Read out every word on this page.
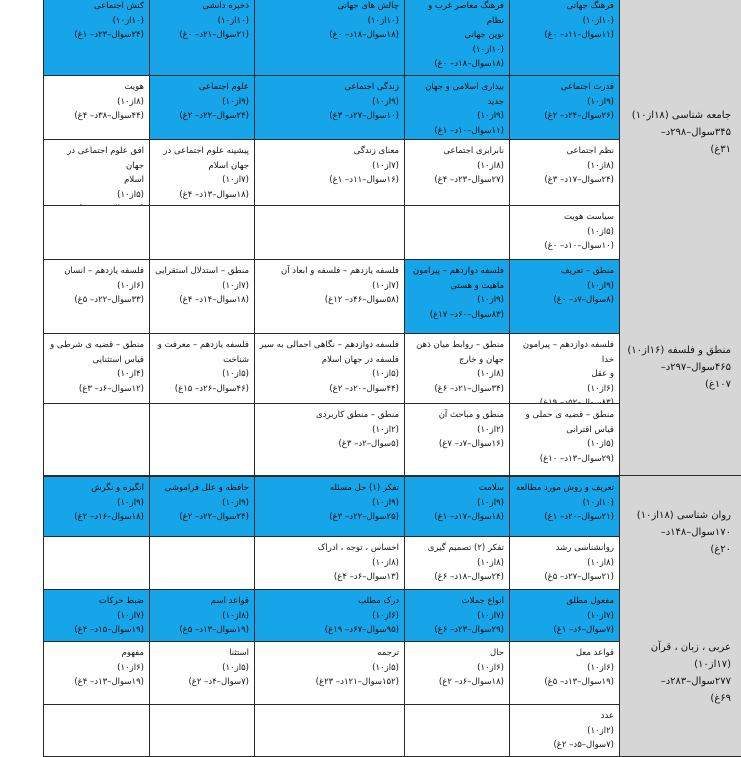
جامعه شناسی (۱۸از۱۰)
۳۴۵سوال–۲۹۸د–
۳۱غ)
فرهنگ جهانی
(۱۰از۱۰)
(۱۱سوال–۱۱د– ۰غ)
قدرت اجتماعی
(۹از۱۰)
(۲۶سوال–۲۴د– ۲غ)
نظم اجتماعی
(۸از۱۰)
(۲۴سوال–۱۷د– ۳غ)
سیاست هویت
(۵از۱۰)
(۱۰سوال–۱۰د– ۰غ)
فرهنگ معاصر غرب و نظام
نوین جهانی
(۱۰از۱۰)
(۱۸سوال–۱۸د– ۰غ)
بیداری اسلامی و جهان جدید
(۹از۱۰)
(۱۱سوال–۱۰د– ۱غ)
نابرابری اجتماعی
(۸از۱۰)
(۲۷سوال–۲۳د– ۴غ)
چالش های جهانی
(۱۰از۱۰)
(۱۸سوال–۱۸د– ۰غ)
زندگی اجتماعی
(۹از۱۰)
(۱۰سوال–۲۷د– ۳غ)
معنای زندگی
(۷از۱۰)
(۱۶سوال–۱۱د– ۱غ)
ذخیره دانشی
(۱۰از۱۰)
(۲۱سوال–۲۱د– ۰غ)
علوم اجتماعی
(۹از۱۰)
(۲۴سوال–۲۲د– ۲غ)
پیشینه علوم اجتماعی در
جهان اسلام
(۷از۱۰)
(۱۸سوال–۱۳د– ۴غ)
کنش اجتماعی
(۱۰از۱۰)
(۲۴سوال–۲۳د– ۱غ)
هویت
(۸از۱۰)
(۴۴سوال–۳۸د– ۴غ)
افق علوم اجتماعی در جهان
اسلام
(۵از۱۰)
منطق و فلسفه (۱۶از۱۰)
۴۶۵سوال–۲۹۷د–
۱۰۷غ)
منطق – تعریف
(۹از۱۰)
(۸سوال–۷د– ۰غ)
فلسفه دوازدهم – پیرامون خدا
و عقل
(۶از۱۰)
منطق – قضیه ی حملی و
قیاس اقترانی
(۵از۱۰)
(۲۹سوال–۱۳د– ۱۰غ)
فلسفه دوازدهم – پیرامون
ماهیت و هستی
(۹از۱۰)
(۸۳سوال–۶۰د– ۱۷غ)
منطق – روابط میان ذهن
جهان و خارج
(۸از۱۰)
(۳۴سوال–۲۱د– ۶غ)
منطق و مباحث آن
(۲از۱۰)
(۱۶سوال–۷د– ۷غ)
فلسفه یازدهم – فلسفه و ابعاد آن
(۷از۱۰)
(۵۸سوال–۴۶د– ۱۲غ)
فلسفه دوازدهم – نگاهی اجمالی به سیر
فلسفه در جهان اسلام
(۵از۱۰)
(۴۴سوال–۲۰د– ۲غ)
منطق – منطق کاربردی
(۲از۱۰)
(۵سوال–۲د– ۳غ)
منطق – استدلال استقرایی
(۷از۱۰)
(۱۸سوال–۱۴د– ۴غ)
فلسفه یازدهم – معرفت و
شناخت
(۵از۱۰)
(۴۶سوال–۲۶د– ۱۵غ)
فلسفه یازدهم – انسان
(۶از۱۰)
(۳۳سوال–۲۲د– ۵غ)
منطق – قضیه ی شرطی و
قیاس استثنایی
(۴از۱۰)
(۱۲سوال–۶د– ۳غ)
روان شناسی (۱۸از۱۰)
۱۷۰سوال–۱۴۸د–
۲۰غ)
تعریف و روش مورد مطالعه
(۱۰از۱۰)
(۲۱سوال–۲۰د– ۱غ)
روانشناسی رشد
(۸از۱۰)
(۲۱سوال–۲۷د– ۵غ)
سلامت
(۹از۱۰)
(۱۸سوال–۱۷د– ۱غ)
تفکر (۲) تصمیم گیری
(۸از۱۰)
(۲۴سوال–۱۸د– ۶غ)
تفکر (۱) حل مسئله
(۹از۱۰)
(۲۵سوال–۲۲د– ۳غ)
احساس ، توجه ، ادراک
(۸از۱۰)
(۱۳سوال–۶د– ۴غ)
حافظه و علل فراموشی
(۹از۱۰)
(۲۴سوال–۲۲د– ۲غ)
انگیزه و نگرش
(۹از۱۰)
(۱۸سوال–۱۶د– ۲غ)
عربی ، زبان ، قرآن
(۱۷از۱۰)
۲۷۷سوال–۲۸۳د–
۶۹غ)
مفعول مطلق
(۷از۱۰)
(۷سوال–۶د– ۱غ)
قواعد معل
(۶از۱۰)
(۱۹سوال–۱۳د– ۵غ)
عدد
(۲از۱۰)
(۷سوال–۵د– ۲غ)
انواع جملات
(۷از۱۰)
(۲۹سوال–۲۳د– ۶غ)
حال
(۶از۱۰)
(۱۸سوال–۶د– ۲غ)
درک مطلب
(۶از۱۰)
(۹۵سوال–۶۷د– ۱۹غ)
ترجمه
(۵از۱۰)
(۱۵۲سوال–۱۲۱د– ۲۳غ)
قواعد اسم
(۸از۱۰)
(۱۹سوال–۱۳د– ۵غ)
استثنا
(۵از۱۰)
(۷سوال–۴د– ۲غ)
ضبط حرکات
(۷از۱۰)
(۱۹سوال–۱۵د– ۴غ)
مفهوم
(۶از۱۰)
(۱۹سوال–۱۳د– ۴غ)
